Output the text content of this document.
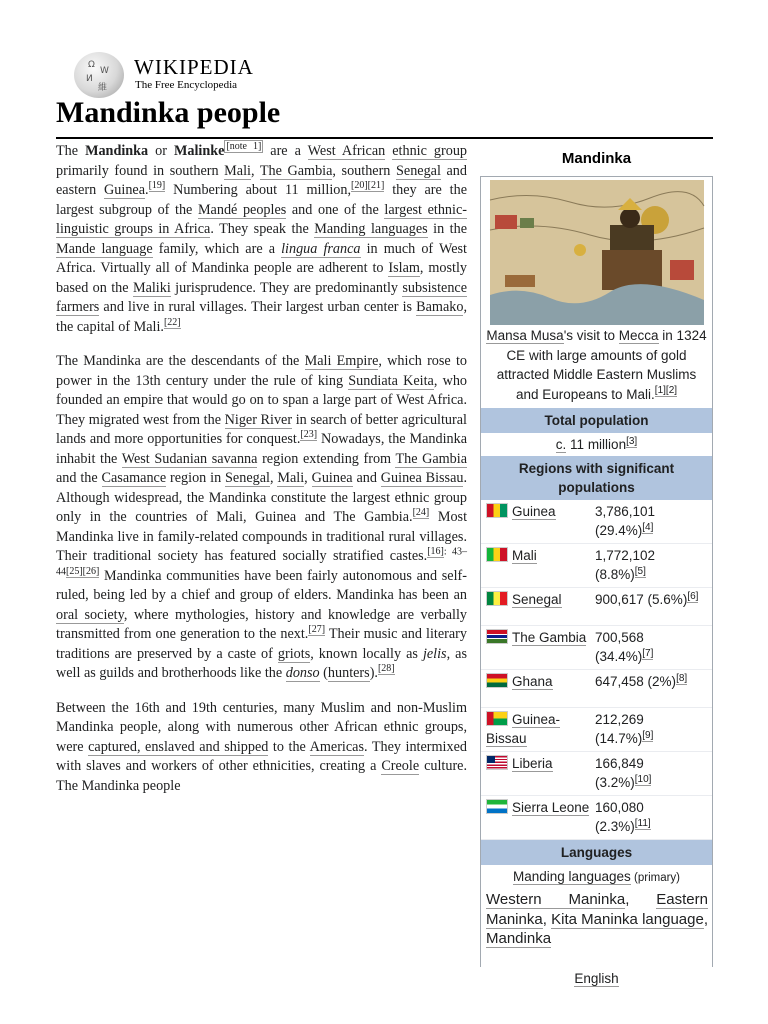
Ω
W
И
維
WIKIPEDIA
The Free Encyclopedia
Mandinka people

The Mandinka or Malinke [note 1] are a West African ethnic group primarily found in southern Mali, The Gambia, southern Senegal and eastern Guinea.[19] Numbering about 11 million,[20][21] they are the largest subgroup of the Mandé peoples and one of the largest ethnic-linguistic groups in Africa. They speak the Manding languages in the Mande language family, which are a lingua franca in much of West Africa. Virtually all of Mandinka people are adherent to Islam, mostly based on the Maliki jurisprudence. They are predominantly subsistence farmers and live in rural villages. Their largest urban center is Bamako, the capital of Mali.[22]

The Mandinka are the descendants of the Mali Empire, which rose to power in the 13th century under the rule of king Sundiata Keita, who founded an empire that would go on to span a large part of West Africa. They migrated west from the Niger River in search of better agricultural lands and more opportunities for conquest.[23] Nowadays, the Mandinka inhabit the West Sudanian savanna region extending from The Gambia and the Casamance region in Senegal, Mali, Guinea and Guinea Bissau. Although widespread, the Mandinka constitute the largest ethnic group only in the countries of Mali, Guinea and The Gambia.[24] Most Mandinka live in family-related compounds in traditional rural villages. Their traditional society has featured socially stratified castes.[16]: 43–44[25][26] Mandinka communities have been fairly autonomous and self-ruled, being led by a chief and group of elders. Mandinka has been an oral society, where mythologies, history and knowledge are verbally transmitted from one generation to the next.[27] Their music and literary traditions are preserved by a caste of griots, known locally as jelis, as well as guilds and brotherhoods like the donso (hunters).[28]

Between the 16th and 19th centuries, many Muslim and non-Muslim Mandinka people, along with numerous other African ethnic groups, were captured, enslaved and shipped to the Americas. They intermixed with slaves and workers of other ethnicities, creating a Creole culture. The Mandinka people

Mandinka
Mansa Musa's visit to Mecca in 1324 CE with large amounts of gold attracted Middle Eastern Muslims and Europeans to Mali.[1][2]
Total population
c. 11 million[3]
Regions with significant populations
Guinea	3,786,101
(29.4%)[4]
Mali	1,772,102
(8.8%)[5]
Senegal	900,617 (5.6%)[6]
The Gambia 700,568
(34.4%)[7]
Ghana	647,458 (2%)[8]
Guinea-Bissau
212,269
(14.7%)[9]
Liberia	166,849
(3.2%)[10]
Sierra Leone 160,080
(2.3%)[11]
Languages
Manding languages (primary)
Western Maninka, Eastern Maninka, Kita Maninka language, Mandinka
English
